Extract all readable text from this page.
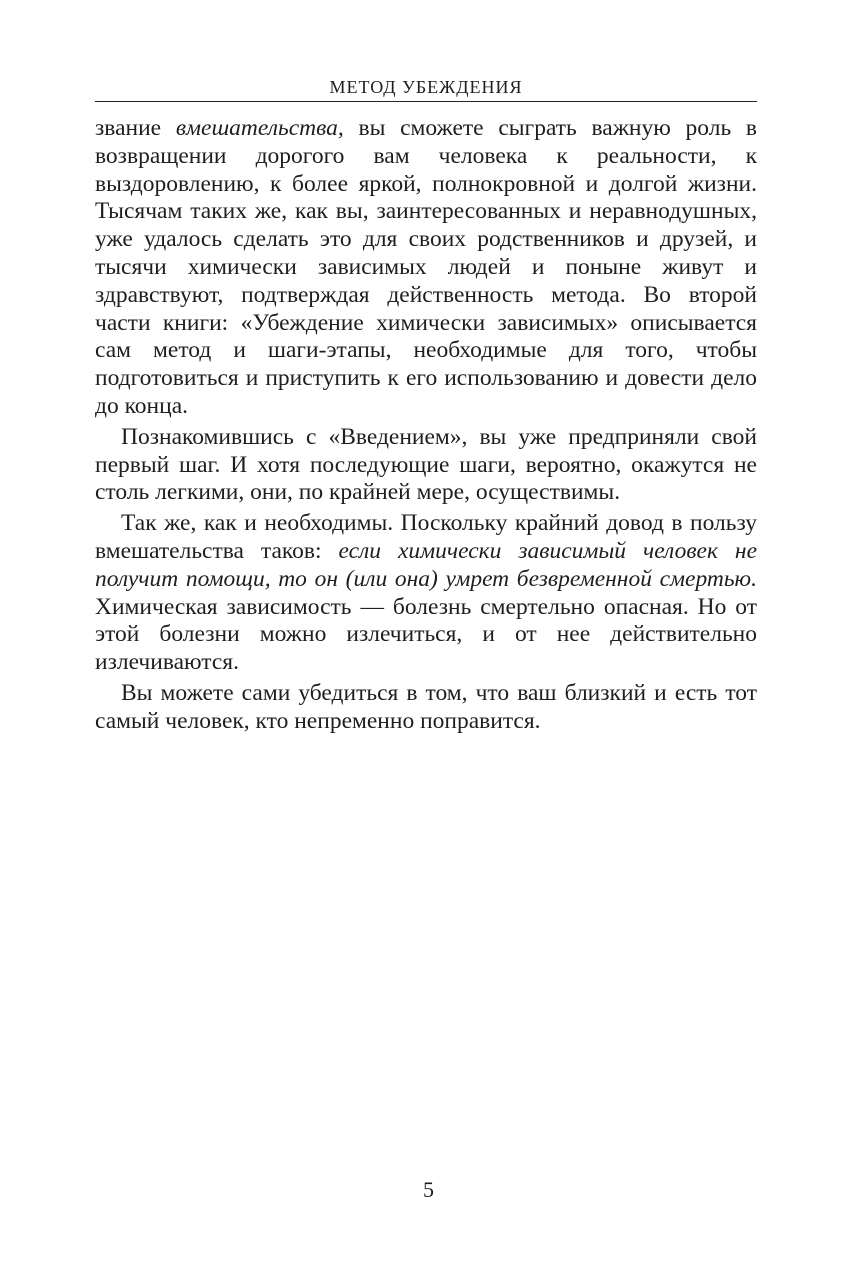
МЕТОД УБЕЖДЕНИЯ

звание вмешательства, вы сможете сыграть важную роль в возвращении дорогого вам человека к реальности, к выздоровлению, к более яркой, полнокровной и долгой жизни. Тысячам таких же, как вы, заинтересованных и неравнодушных, уже удалось сделать это для своих родственников и друзей, и тысячи химически зависимых людей и поныне живут и здравствуют, подтверждая действенность метода. Во второй части книги: «Убеждение химически зависимых» описывается сам метод и шаги-этапы, необходимые для того, чтобы подготовиться и приступить к его использованию и довести дело до конца.

Познакомившись с «Введением», вы уже предприняли свой первый шаг. И хотя последующие шаги, вероятно, окажутся не столь легкими, они, по крайней мере, осуществимы.

Так же, как и необходимы. Поскольку крайний довод в пользу вмешательства таков: если химически зависимый человек не получит помощи, то он (или она) умрет безвременной смертью. Химическая зависимость — болезнь смертельно опасная. Но от этой болезни можно излечиться, и от нее действительно излечиваются.

Вы можете сами убедиться в том, что ваш близкий и есть тот самый человек, кто непременно поправится.

5
